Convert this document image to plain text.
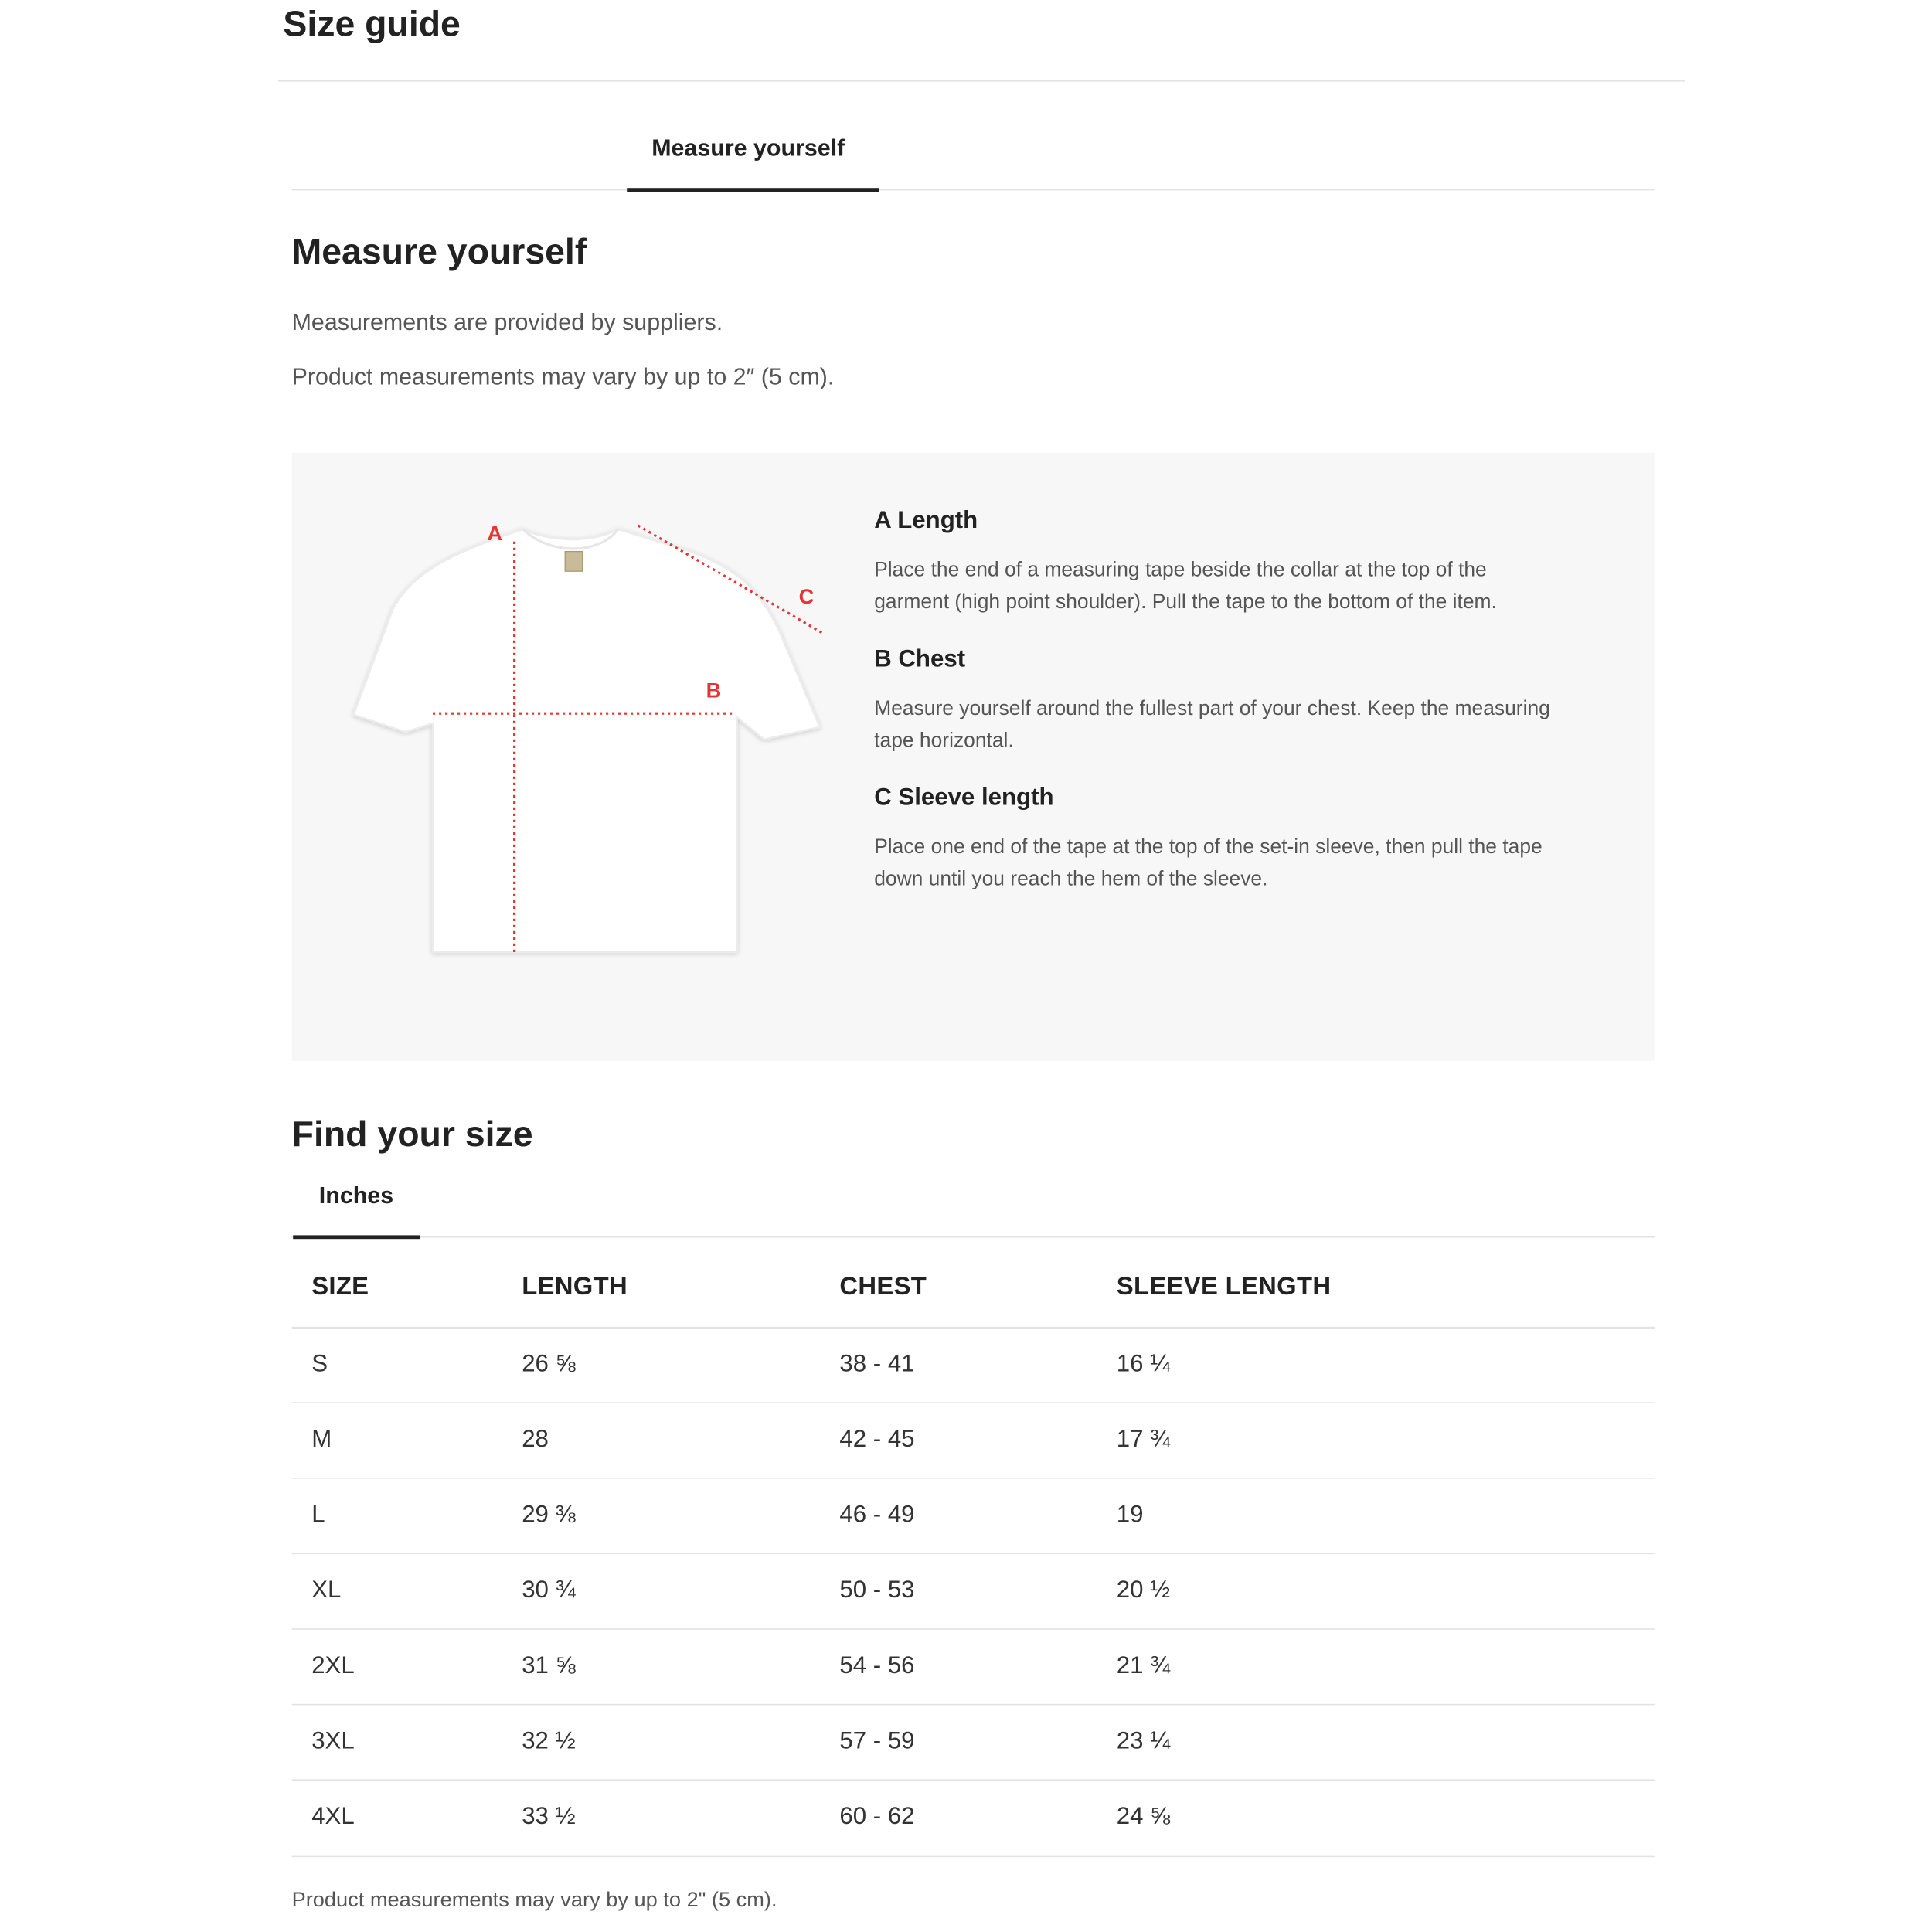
Size guide
Measure yourself
Measure yourself
Measurements are provided by suppliers.
Product measurements may vary by up to 2″ (5 cm).
A
B
C
A Length
Place the end of a measuring tape beside the collar at the top of the
garment (high point shoulder). Pull the tape to the bottom of the item.
B Chest
Measure yourself around the fullest part of your chest. Keep the measuring
tape horizontal.
C Sleeve length
Place one end of the tape at the top of the set-in sleeve, then pull the tape
down until you reach the hem of the sleeve.
Find your size
Inches
SIZE	LENGTH	CHEST	SLEEVE LENGTH
S	26 ⅝	38 - 41	16 ¼
M	28	42 - 45	17 ¾
L	29 ⅜	46 - 49	19
XL	30 ¾	50 - 53	20 ½
2XL	31 ⅝	54 - 56	21 ¾
3XL	32 ½	57 - 59	23 ¼
4XL	33 ½	60 - 62	24 ⅝
Product measurements may vary by up to 2" (5 cm).
